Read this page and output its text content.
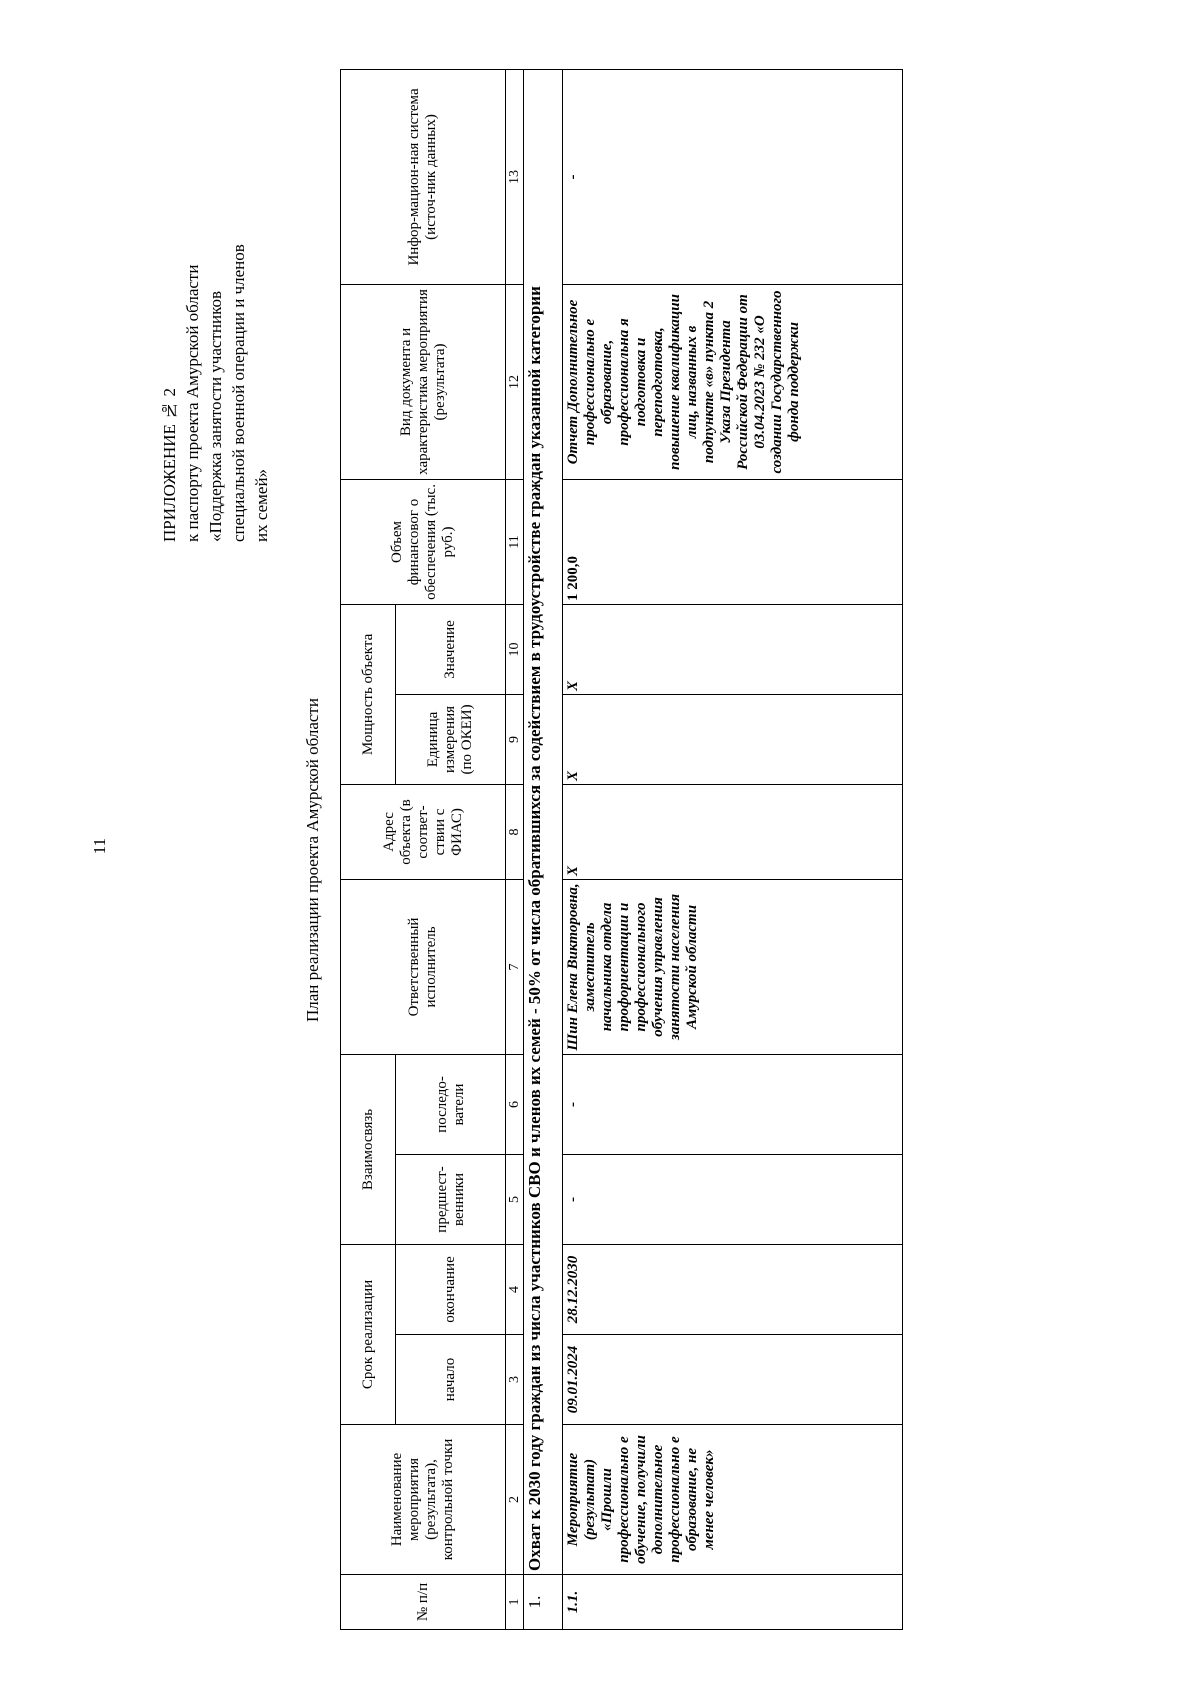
11	План реализации проекта Амурской области
ПРИЛОЖЕНИЕ № 2
к паспорту проекта Амурской области
«Поддержка занятости участников
специальной военной операции и членов
их семей»
№ п/п	Наименование мероприятия (результата), контрольной точки	Срок реализации		Взаимосвязь		Ответственный исполнитель	Адрес объекта (в соответ-ствии с ФИАС)	Мощность объекта		Объем финансовог о обеспечения (тыс. руб.)	Вид документа и характеристика мероприятия (результата)	Инфор-мацион-ная система (источ-ник данных)
		начало	окончание	предшест-венники	последо-ватели			Единица измерения (по ОКЕИ)	Значение			
1	2	3	4	5	6	7	8	9	10	11	12	13
1.	Охват к 2030 году граждан из числа участников СВО и членов их семей - 50% от числа обратившихся за содействием в трудоустройстве граждан указанной категории											
1.1.	Мероприятие (результат) «Прошли профессионально е обучение, получили дополнительное профессионально е образование, не менее человек»	09.01.2024	28.12.2030	-	-	Шин Елена Викторовна, заместитель начальника отдела профориентации и профессионального обучения управления занятости населения Амурской области	X	X	X	1 200,0	Отчет Дополнительное профессионально е образование, профессиональна я подготовка и переподготовка, повышение квалификации лиц, названных в подпункте «в» пункта 2 Указа Президента Российской Федерации от 03.04.2023 № 232 «О создании Государственного фонда поддержки	-
